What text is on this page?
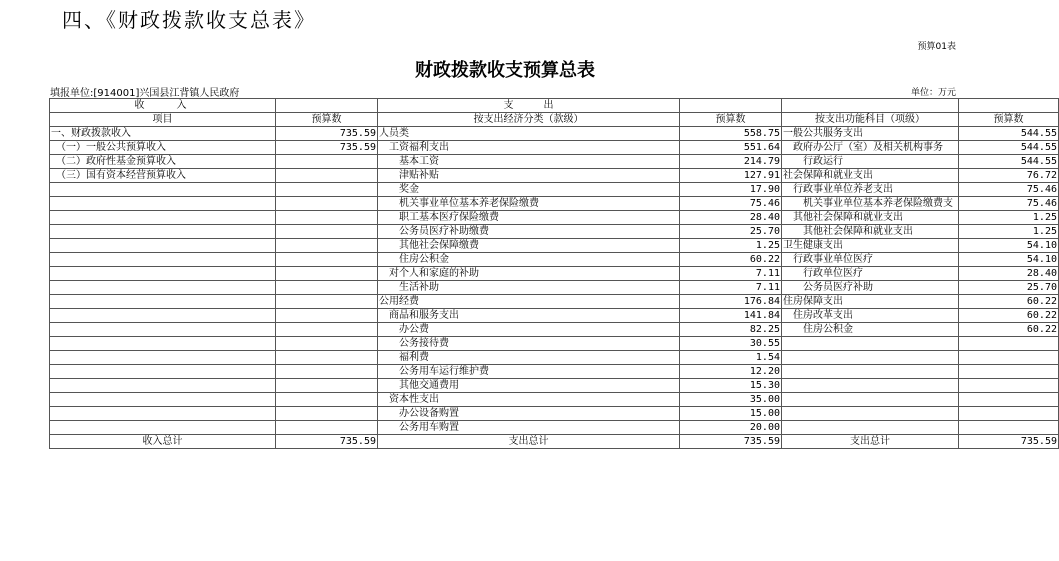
四、《财政拨款收支总表》
预算01表
财政拨款收支预算总表
填报单位:[914001]兴国县江背镇人民政府	单位：万元
收　　入		支　　　出			
项目	预算数	按支出经济分类（款级）	预算数	按支出功能科目（项级）	预算数
一、财政拨款收入	735.59	人员类	558.75	一般公共服务支出	544.55
　（一）一般公共预算收入	735.59	　工资福利支出	551.64	　政府办公厅（室）及相关机构事务	544.55
　（二）政府性基金预算收入		　　基本工资	214.79	　　行政运行	544.55
　（三）国有资本经营预算收入		　　津贴补贴	127.91	社会保障和就业支出	76.72
		　　奖金	17.90	　行政事业单位养老支出	75.46
		　　机关事业单位基本养老保险缴费	75.46	　　机关事业单位基本养老保险缴费支	75.46
		　　职工基本医疗保险缴费	28.40	　其他社会保障和就业支出	1.25
		　　公务员医疗补助缴费	25.70	　　其他社会保障和就业支出	1.25
		　　其他社会保障缴费	1.25	卫生健康支出	54.10
		　　住房公积金	60.22	　行政事业单位医疗	54.10
		　对个人和家庭的补助	7.11	　　行政单位医疗	28.40
		　　生活补助	7.11	　　公务员医疗补助	25.70
		公用经费	176.84	住房保障支出	60.22
		　商品和服务支出	141.84	　住房改革支出	60.22
		　　办公费	82.25	　　住房公积金	60.22
		　　公务接待费	30.55		
		　　福利费	1.54		
		　　公务用车运行维护费	12.20		
		　　其他交通费用	15.30		
		　资本性支出	35.00		
		　　办公设备购置	15.00		
		　　公务用车购置	20.00		
收入总计	735.59	支出总计	735.59	支出总计	735.59
